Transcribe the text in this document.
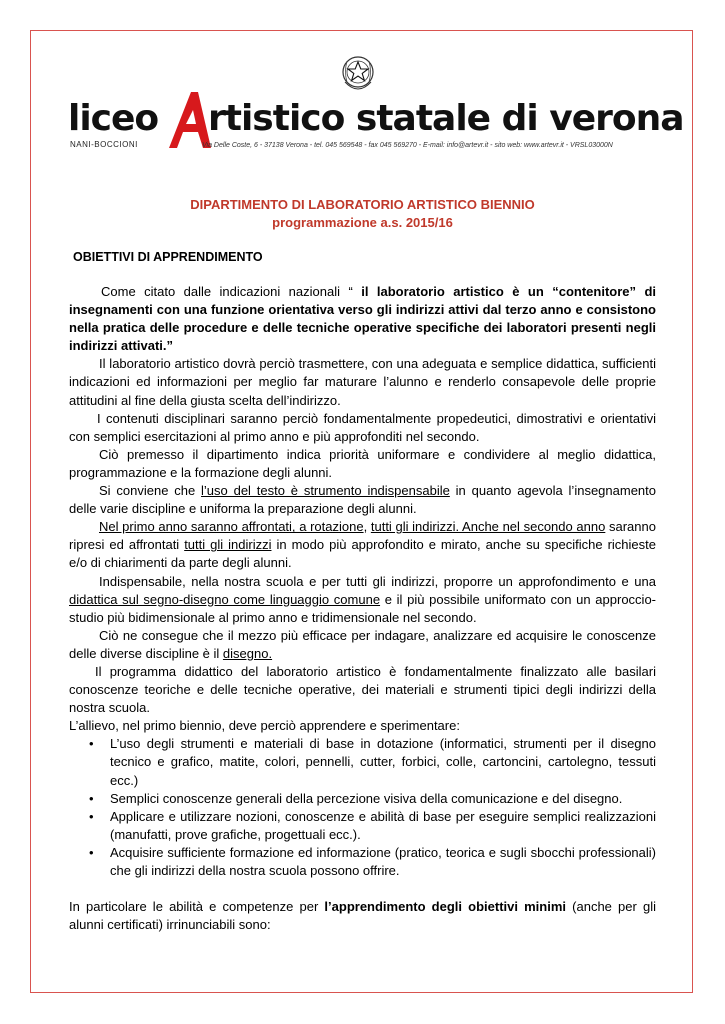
liceo rtistico statale di verona
NANI-BOCCIONI	Via Delle Coste, 6 - 37138 Verona - tel. 045 569548 - fax 045 569270 - E-mail: info@artevr.it - sito web: www.artevr.it - VRSL03000N
DIPARTIMENTO DI LABORATORIO ARTISTICO BIENNIO
programmazione a.s. 2015/16
OBIETTIVI DI APPRENDIMENTO

Come citato dalle indicazioni nazionali “ il laboratorio artistico è un “contenitore” di insegnamenti con una funzione orientativa verso gli indirizzi attivi dal terzo anno e consistono nella pratica delle procedure e delle tecniche operative specifiche dei laboratori presenti negli indirizzi attivati.”

Il laboratorio artistico dovrà perciò trasmettere, con una adeguata e semplice didattica, sufficienti indicazioni ed informazioni per meglio far maturare l’alunno e renderlo consapevole delle proprie attitudini al fine della giusta scelta dell’indirizzo.

I contenuti disciplinari saranno perciò fondamentalmente propedeutici, dimostrativi e orientativi con semplici esercitazioni al primo anno e più approfonditi nel secondo.

Ciò premesso il dipartimento indica priorità uniformare e condividere al meglio didattica, programmazione e la formazione degli alunni.

Si conviene che l’uso del testo è strumento indispensabile in quanto agevola l’insegnamento delle varie discipline e uniforma la preparazione degli alunni.

Nel primo anno saranno affrontati, a rotazione, tutti gli indirizzi. Anche nel secondo anno saranno ripresi ed affrontati tutti gli indirizzi in modo più approfondito e mirato, anche su specifiche richieste e/o di chiarimenti da parte degli alunni.

Indispensabile, nella nostra scuola e per tutti gli indirizzi, proporre un approfondimento e una didattica sul segno-disegno come linguaggio comune e il più possibile uniformato con un approccio-studio più bidimensionale al primo anno e tridimensionale nel secondo.

Ciò ne consegue che il mezzo più efficace per indagare, analizzare ed acquisire le conoscenze delle diverse discipline è il disegno.

Il programma didattico del laboratorio artistico è fondamentalmente finalizzato alle basilari conoscenze teoriche e delle tecniche operative, dei materiali e strumenti tipici degli indirizzi della nostra scuola.

L’allievo, nel primo biennio, deve perciò apprendere e sperimentare:

• L’uso degli strumenti e materiali di base in dotazione (informatici, strumenti per il disegno tecnico e grafico, matite, colori, pennelli, cutter, forbici, colle, cartoncini, cartolegno, tessuti ecc.)
• Semplici conoscenze generali della percezione visiva della comunicazione e del disegno.
• Applicare e utilizzare nozioni, conoscenze e abilità di base per eseguire semplici realizzazioni (manufatti, prove grafiche, progettuali ecc.).
• Acquisire sufficiente formazione ed informazione (pratico, teorica e sugli sbocchi professionali) che gli indirizzi della nostra scuola possono offrire.

In particolare le abilità e competenze per l’apprendimento degli obiettivi minimi (anche per gli alunni certificati) irrinunciabili sono:
